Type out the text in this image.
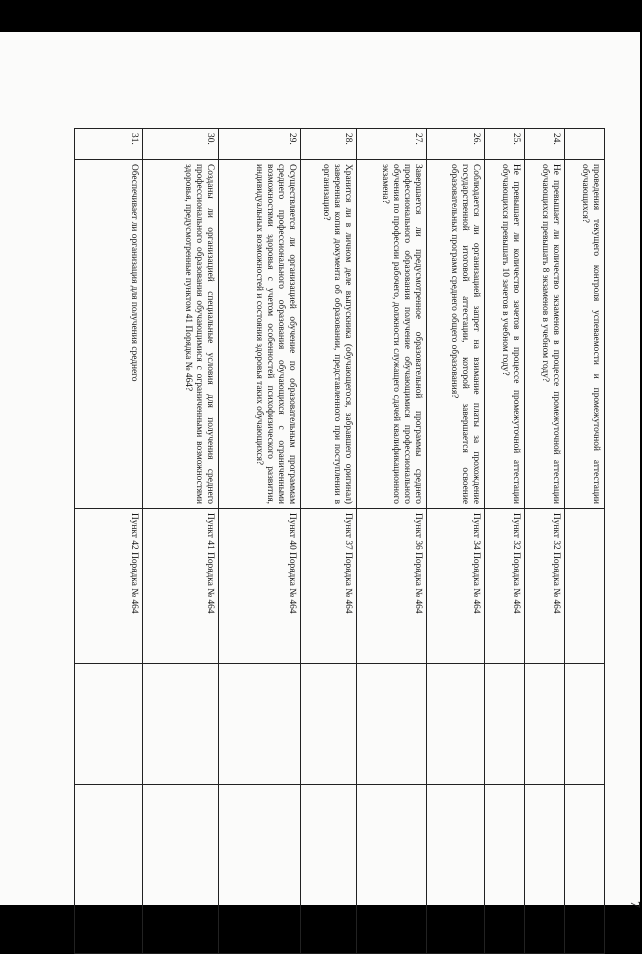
7
	проведения текущего контроля успеваемости и промежуточной аттестации обучающихся?			
24.	Не превышает ли количество экзаменов в процессе промежуточной аттестации обучающихся превышать 8 экзаменов в учебном году?	Пункт 32 Порядка № 464		
25.	Не превышает ли количество зачетов в процессе промежуточной аттестации обучающихся превышать 10 зачетов в учебном году?	Пункт 32 Порядка № 464		
26.	Соблюдается ли организацией запрет на взимание платы за прохождение государственной итоговой аттестации, которой завершается освоение образовательных программ среднего общего образования?	Пункт 34 Порядка № 464		
27.	Завершается ли предусмотренное образовательной программы среднего профессионального образования получение обучающимися профессионального обучения по профессии рабочего, должности служащего сдачей квалификационного экзамена?	Пункт 36 Порядка № 464		
28.	Хранится ли в личном деле выпускника (обучающегося, забравшего оригинал) заверенная копия документа об образовании, представленного при поступлении в организацию?	Пункт 37 Порядка № 464		
29.	Осуществляется ли организацией обучение по образовательным программам среднего профессионального образования обучающихся с ограниченными возможностями здоровья с учетом особенностей психофизического развития, индивидуальных возможностей и состояния здоровья таких обучающихся?	Пункт 40 Порядка № 464		
30.	Созданы ли организацией специальные условия для получения среднего профессионального образования обучающимися с ограниченными возможностями здоровья, предусмотренные пунктом 41 Порядка № 464?	Пункт 41 Порядка № 464		
31.	Обеспечивает ли организация для получения среднего	Пункт 42 Порядка № 464		
